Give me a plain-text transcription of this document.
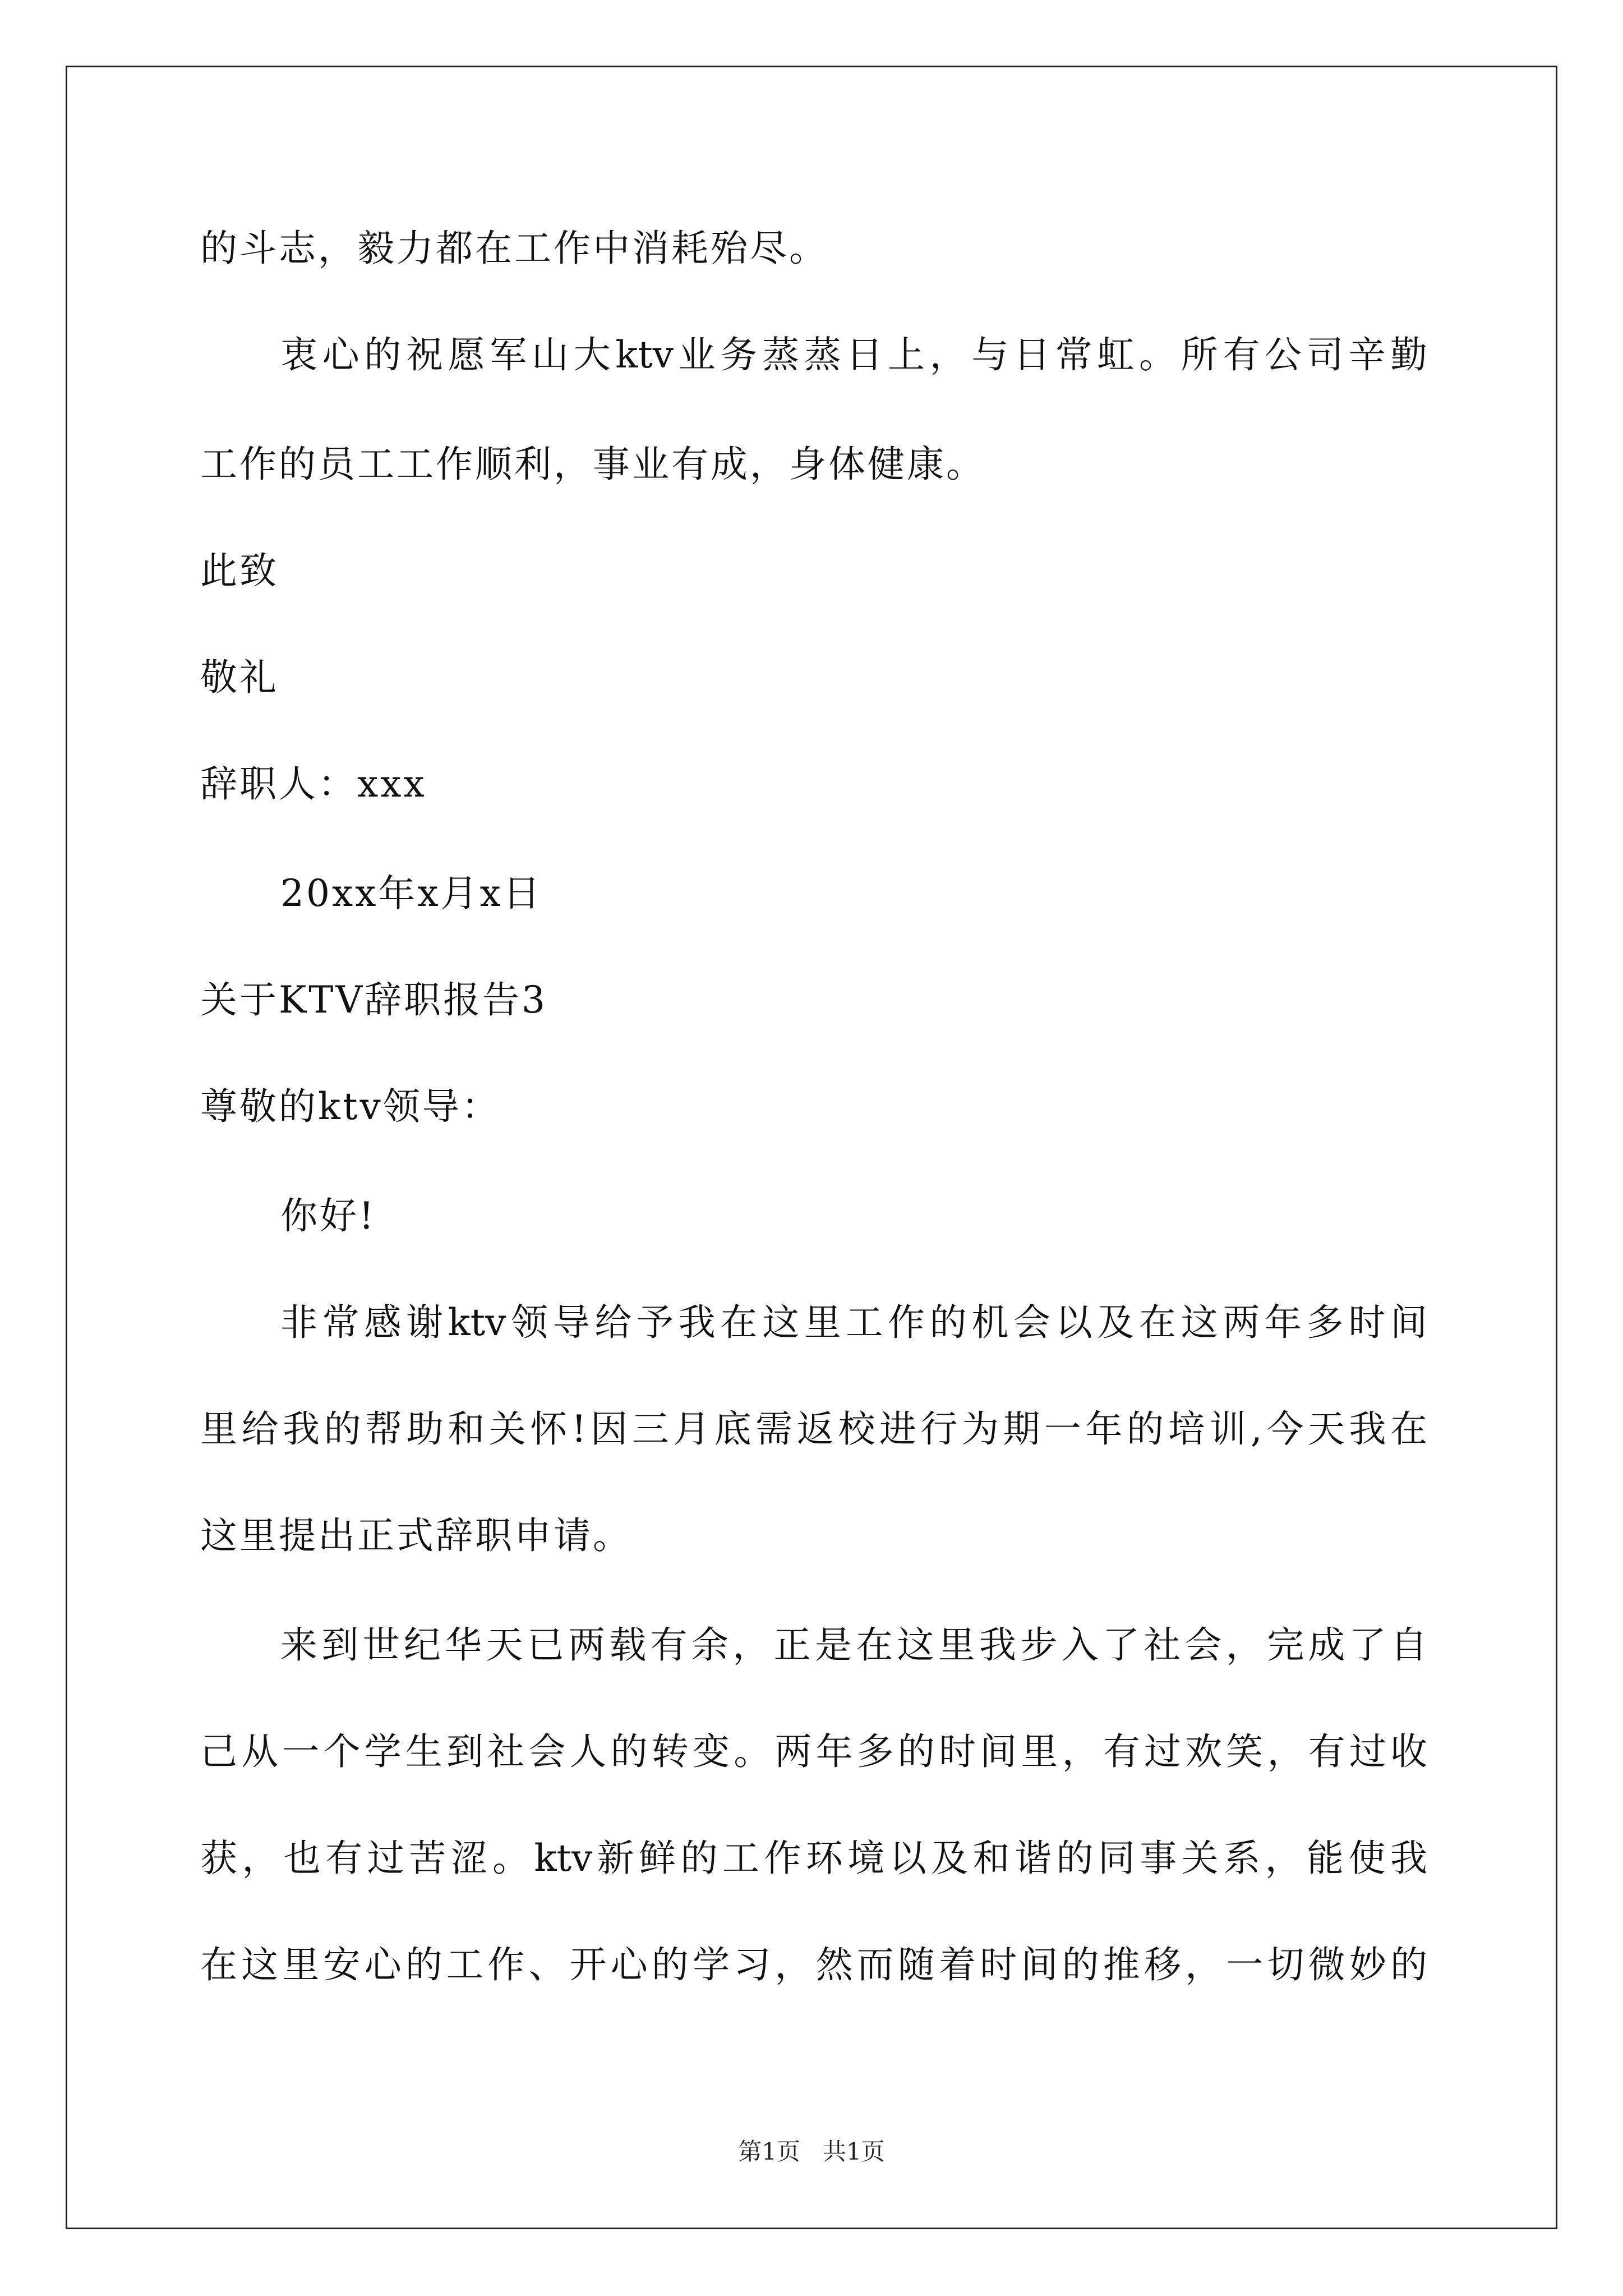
的斗志，毅力都在工作中消耗殆尽。
衷心的祝愿军山大ktv业务蒸蒸日上，与日常虹。所有公司辛勤
工作的员工工作顺利，事业有成，身体健康。
此致
敬礼
辞职人：xxx
20xx年x月x日
关于KTV辞职报告3
尊敬的ktv领导：
你好!
非常感谢ktv领导给予我在这里工作的机会以及在这两年多时间
里给我的帮助和关怀!因三月底需返校进行为期一年的培训,今天我在
这里提出正式辞职申请。
来到世纪华天已两载有余，正是在这里我步入了社会，完成了自
己从一个学生到社会人的转变。两年多的时间里，有过欢笑，有过收
获，也有过苦涩。ktv新鲜的工作环境以及和谐的同事关系，能使我
在这里安心的工作、开心的学习，然而随着时间的推移，一切微妙的
第1页   共1页
